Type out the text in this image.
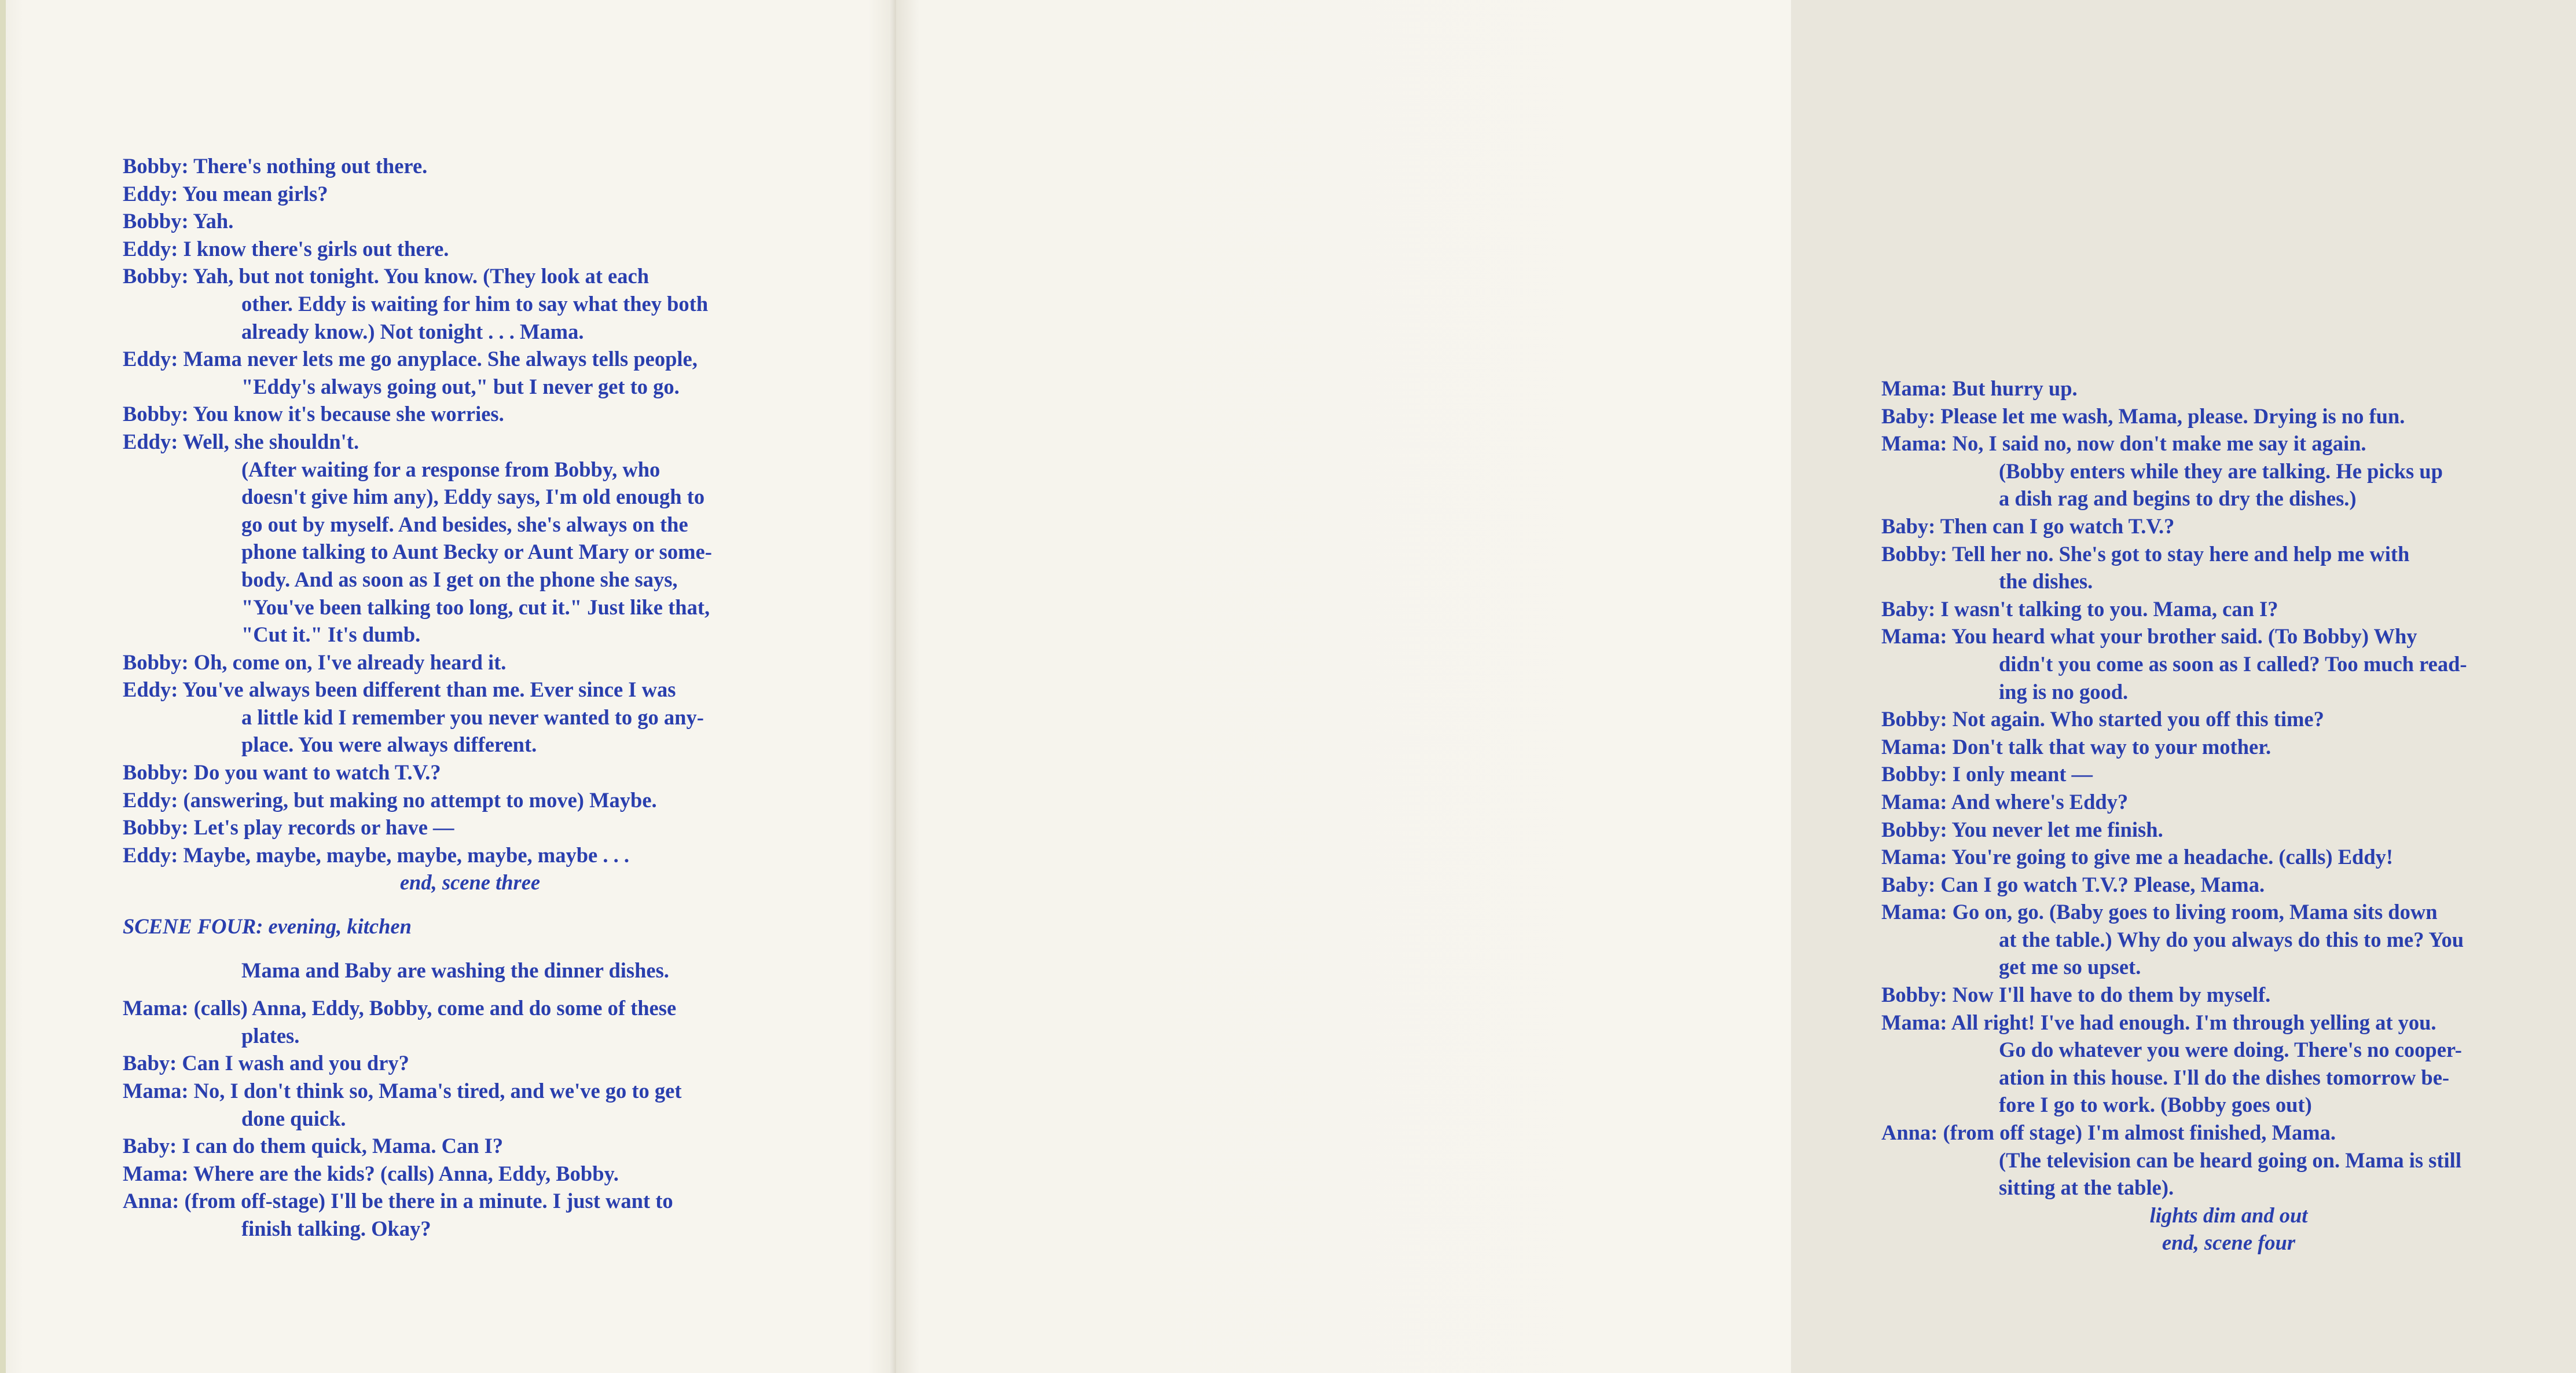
Bobby: There's nothing out there.
Eddy: You mean girls?
Bobby: Yah.
Eddy: I know there's girls out there.
Bobby: Yah, but not tonight. You know. (They look at each
other. Eddy is waiting for him to say what they both
already know.) Not tonight . . . Mama.
Eddy: Mama never lets me go anyplace. She always tells people,
"Eddy's always going out," but I never get to go.
Bobby: You know it's because she worries.
Eddy: Well, she shouldn't.
(After waiting for a response from Bobby, who
doesn't give him any), Eddy says, I'm old enough to
go out by myself. And besides, she's always on the
phone talking to Aunt Becky or Aunt Mary or some-
body. And as soon as I get on the phone she says,
"You've been talking too long, cut it." Just like that,
"Cut it." It's dumb.
Bobby: Oh, come on, I've already heard it.
Eddy: You've always been different than me. Ever since I was
a little kid I remember you never wanted to go any-
place. You were always different.
Bobby: Do you want to watch T.V.?
Eddy: (answering, but making no attempt to move) Maybe.
Bobby: Let's play records or have —
Eddy: Maybe, maybe, maybe, maybe, maybe, maybe . . .
end, scene three
SCENE FOUR: evening, kitchen
Mama and Baby are washing the dinner dishes.
Mama: (calls) Anna, Eddy, Bobby, come and do some of these
plates.
Baby: Can I wash and you dry?
Mama: No, I don't think so, Mama's tired, and we've go to get
done quick.
Baby: I can do them quick, Mama. Can I?
Mama: Where are the kids? (calls) Anna, Eddy, Bobby.
Anna: (from off-stage) I'll be there in a minute. I just want to
finish talking. Okay?
Mama: But hurry up.
Baby: Please let me wash, Mama, please. Drying is no fun.
Mama: No, I said no, now don't make me say it again.
(Bobby enters while they are talking. He picks up
a dish rag and begins to dry the dishes.)
Baby: Then can I go watch T.V.?
Bobby: Tell her no. She's got to stay here and help me with
the dishes.
Baby: I wasn't talking to you. Mama, can I?
Mama: You heard what your brother said. (To Bobby) Why
didn't you come as soon as I called? Too much read-
ing is no good.
Bobby: Not again. Who started you off this time?
Mama: Don't talk that way to your mother.
Bobby: I only meant —
Mama: And where's Eddy?
Bobby: You never let me finish.
Mama: You're going to give me a headache. (calls) Eddy!
Baby: Can I go watch T.V.? Please, Mama.
Mama: Go on, go. (Baby goes to living room, Mama sits down
at the table.) Why do you always do this to me? You
get me so upset.
Bobby: Now I'll have to do them by myself.
Mama: All right! I've had enough. I'm through yelling at you.
Go do whatever you were doing. There's no cooper-
ation in this house. I'll do the dishes tomorrow be-
fore I go to work. (Bobby goes out)
Anna: (from off stage) I'm almost finished, Mama.
(The television can be heard going on. Mama is still
sitting at the table).
lights dim and out
end, scene four
